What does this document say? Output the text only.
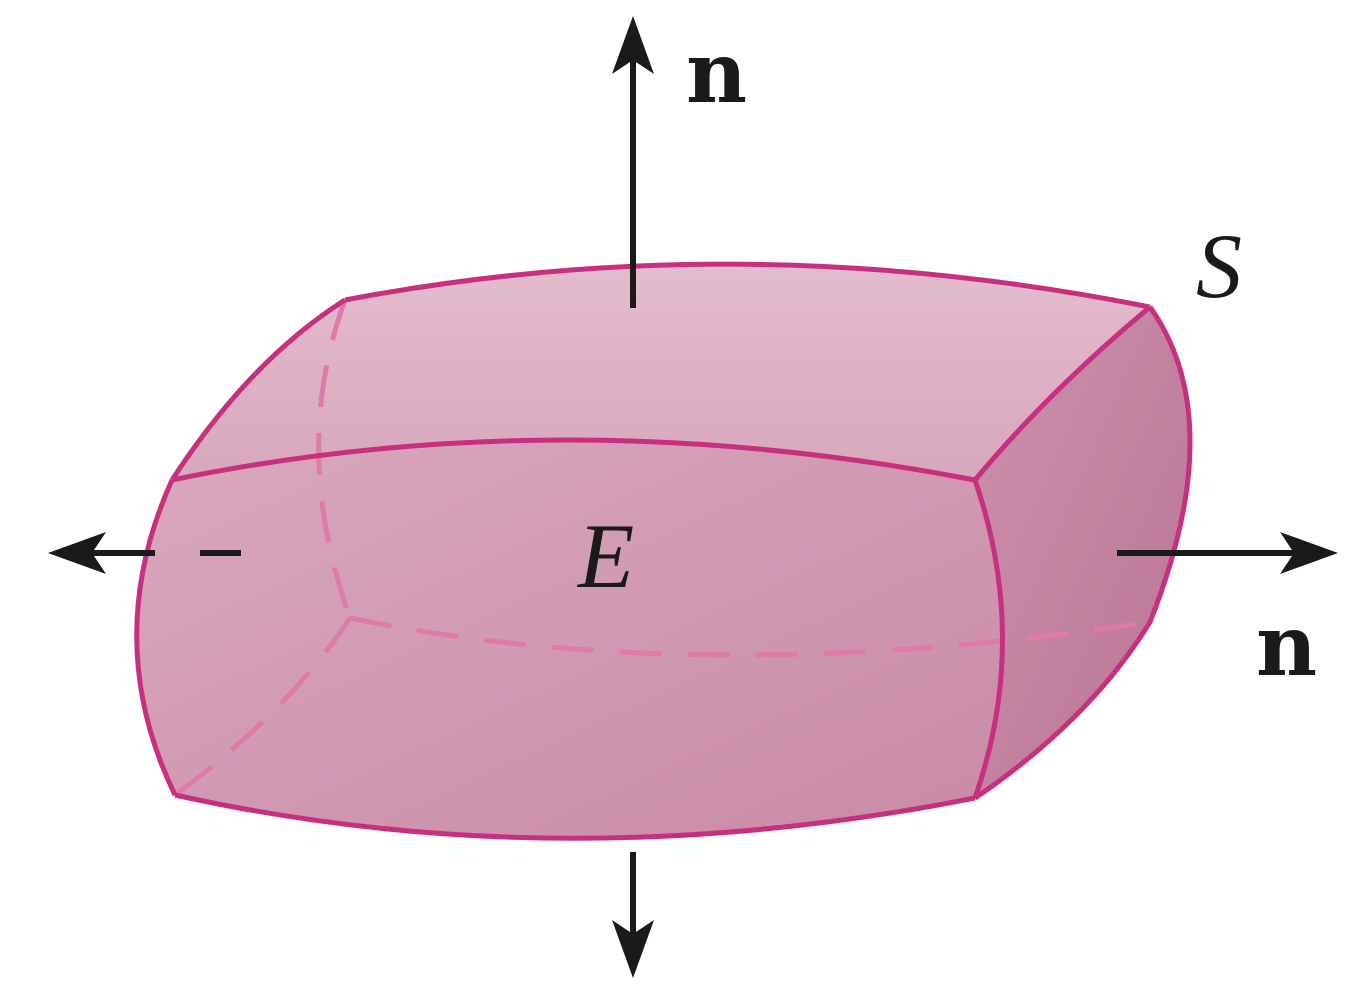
n
n
S
E
